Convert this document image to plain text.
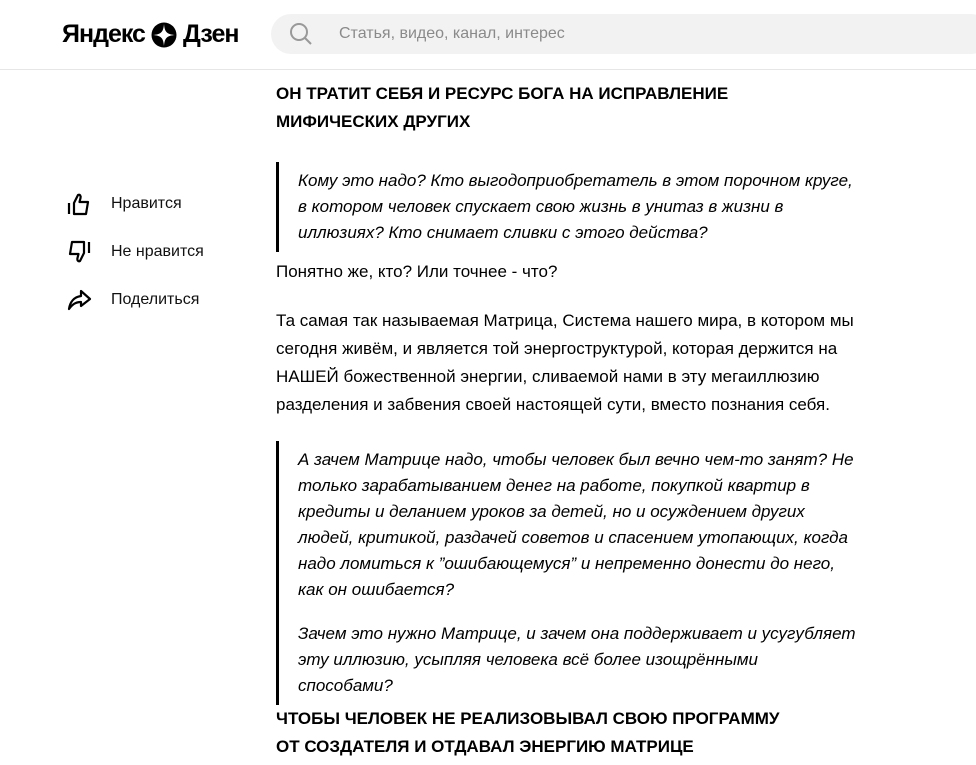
Яндекс Дзен
Статья, видео, канал, интерес
Нравится
Не нравится
Поделиться
ОН ТРАТИТ СЕБЯ И РЕСУРС БОГА НА ИСПРАВЛЕНИЕ МИФИЧЕСКИХ ДРУГИХ

Кому это надо? Кто выгодоприобретатель в этом порочном круге, в котором человек спускает свою жизнь в унитаз в жизни в иллюзиях? Кто снимает сливки с этого действа?

Понятно же, кто? Или точнее - что?

Та самая так называемая Матрица, Система нашего мира, в котором мы сегодня живём, и является той энергоструктурой, которая держится на НАШЕЙ божественной энергии, сливаемой нами в эту мегаиллюзию разделения и забвения своей настоящей сути, вместо познания себя.

А зачем Матрице надо, чтобы человек был вечно чем-то занят? Не только зарабатыванием денег на работе, покупкой квартир в кредиты и деланием уроков за детей, но и осуждением других людей, критикой, раздачей советов и спасением утопающих, когда надо ломиться к ”ошибающемуся” и непременно донести до него, как он ошибается?

Зачем это нужно Матрице, и зачем она поддерживает и усугубляет эту иллюзию, усыпляя человека всё более изощрёнными способами?

ЧТОБЫ ЧЕЛОВЕК НЕ РЕАЛИЗОВЫВАЛ СВОЮ ПРОГРАММУ ОТ СОЗДАТЕЛЯ И ОТДАВАЛ ЭНЕРГИЮ МАТРИЦЕ
